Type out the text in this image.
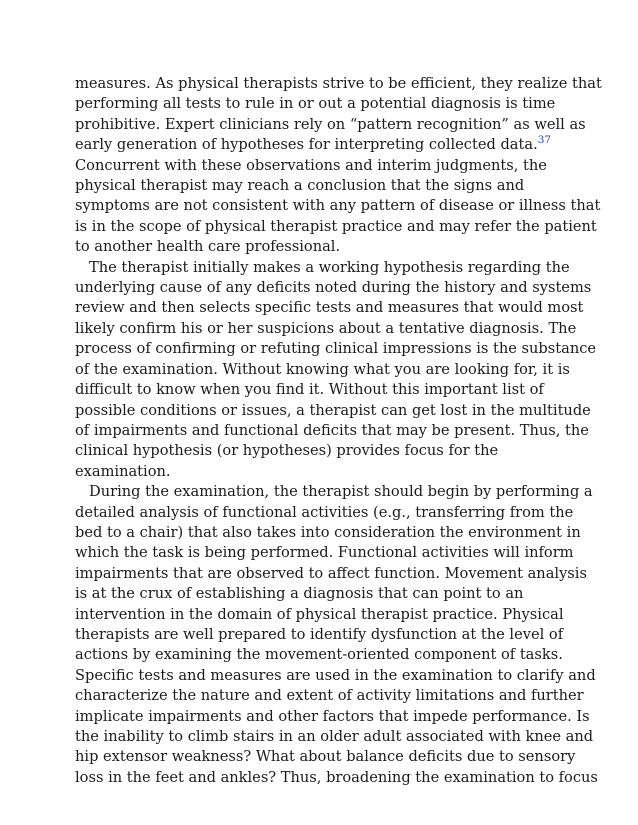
measures. As physical therapists strive to be efficient, they realize that
performing all tests to rule in or out a potential diagnosis is time
prohibitive. Expert clinicians rely on “pattern recognition” as well as
early generation of hypotheses for interpreting collected data.$^{37}$
Concurrent with these observations and interim judgments, the
physical therapist may reach a conclusion that the signs and
symptoms are not consistent with any pattern of disease or illness that
is in the scope of physical therapist practice and may refer the patient
to another health care professional.
The therapist initially makes a working hypothesis regarding the
underlying cause of any deficits noted during the history and systems
review and then selects specific tests and measures that would most
likely confirm his or her suspicions about a tentative diagnosis. The
process of confirming or refuting clinical impressions is the substance
of the examination. Without knowing what you are looking for, it is
difficult to know when you find it. Without this important list of
possible conditions or issues, a therapist can get lost in the multitude
of impairments and functional deficits that may be present. Thus, the
clinical hypothesis (or hypotheses) provides focus for the
examination.
During the examination, the therapist should begin by performing a
detailed analysis of functional activities (e.g., transferring from the
bed to a chair) that also takes into consideration the environment in
which the task is being performed. Functional activities will inform
impairments that are observed to affect function. Movement analysis
is at the crux of establishing a diagnosis that can point to an
intervention in the domain of physical therapist practice. Physical
therapists are well prepared to identify dysfunction at the level of
actions by examining the movement-oriented component of tasks.
Specific tests and measures are used in the examination to clarify and
characterize the nature and extent of activity limitations and further
implicate impairments and other factors that impede performance. Is
the inability to climb stairs in an older adult associated with knee and
hip extensor weakness? What about balance deficits due to sensory
loss in the feet and ankles? Thus, broadening the examination to focus
